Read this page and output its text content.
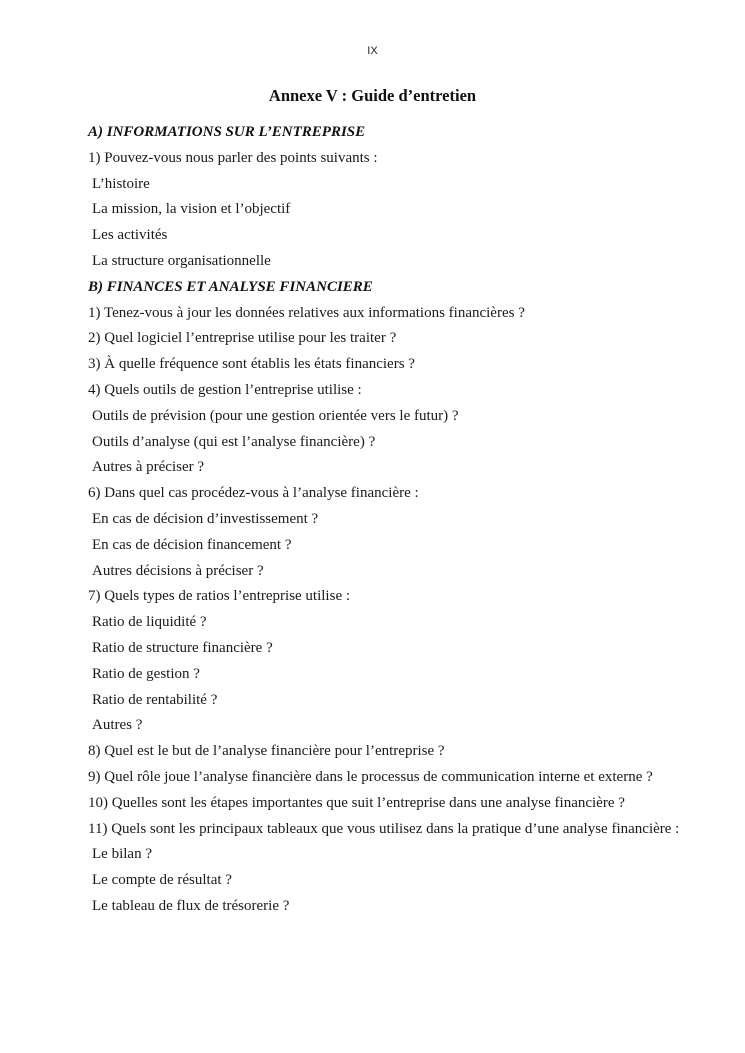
IX
Annexe V : Guide d’entretien
A) INFORMATIONS SUR L’ENTREPRISE
1) Pouvez-vous nous parler des points suivants :
L’histoire
La mission, la vision et l’objectif
Les activités
La structure organisationnelle
B) FINANCES ET ANALYSE FINANCIERE
1) Tenez-vous à jour les données relatives aux informations financières ?
2) Quel logiciel l’entreprise utilise pour les traiter ?
3) À quelle fréquence sont établis les états financiers ?
4) Quels outils de gestion l’entreprise utilise :
Outils de prévision (pour une gestion orientée vers le futur) ?
Outils d’analyse (qui est l’analyse financière) ?
Autres à préciser ?
6) Dans quel cas procédez-vous à l’analyse financière :
En cas de décision d’investissement ?
En cas de décision financement ?
Autres décisions à préciser ?
7) Quels types de ratios l’entreprise utilise :
Ratio de liquidité ?
Ratio de structure financière ?
Ratio de gestion ?
Ratio de rentabilité ?
Autres ?
8) Quel est le but de l’analyse financière pour l’entreprise ?
9) Quel rôle joue l’analyse financière dans le processus de communication interne et externe ?
10) Quelles sont les étapes importantes que suit l’entreprise dans une analyse financière ?
11) Quels sont les principaux tableaux que vous utilisez dans la pratique d’une analyse financière :
Le bilan ?
Le compte de résultat ?
Le tableau de flux de trésorerie ?
